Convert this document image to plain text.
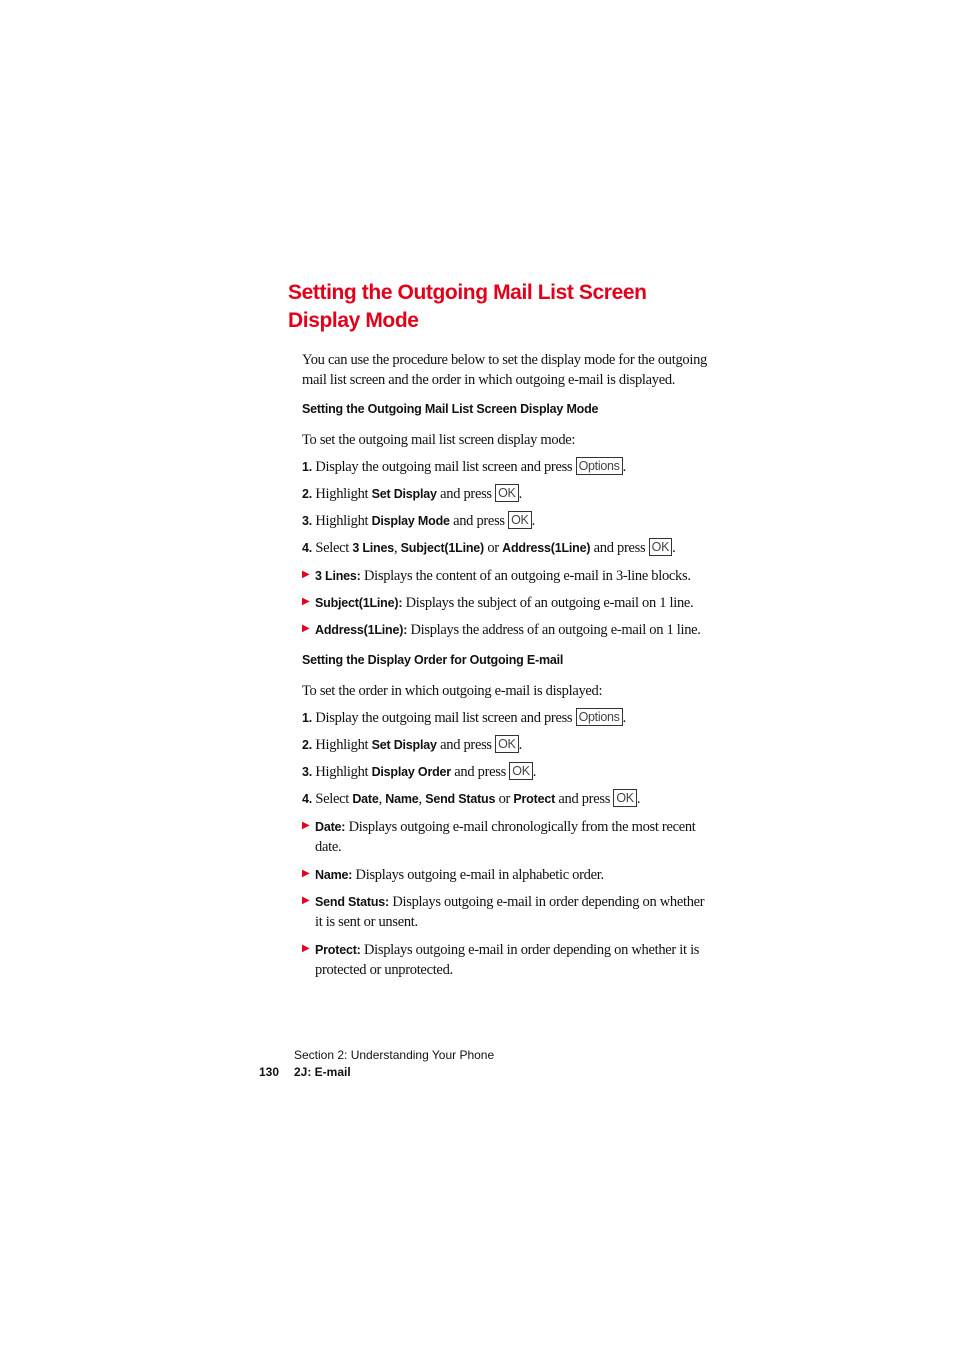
Setting the Outgoing Mail List Screen
Display Mode
You can use the procedure below to set the display mode for the outgoing
mail list screen and the order in which outgoing e-mail is displayed.
Setting the Outgoing Mail List Screen Display Mode
To set the outgoing mail list screen display mode:
1. Display the outgoing mail list screen and press Options .
2. Highlight Set Display and press OK .
3. Highlight Display Mode and press OK .
4. Select 3 Lines, Subject(1Line) or Address(1Line) and press OK .
▶ 3 Lines: Displays the content of an outgoing e-mail in 3-line blocks.
▶ Subject(1Line): Displays the subject of an outgoing e-mail on 1 line.
▶ Address(1Line): Displays the address of an outgoing e-mail on 1 line.
Setting the Display Order for Outgoing E-mail
To set the order in which outgoing e-mail is displayed:
1. Display the outgoing mail list screen and press Options .
2. Highlight Set Display and press OK .
3. Highlight Display Order and press OK .
4. Select Date, Name, Send Status or Protect and press OK .
▶ Date: Displays outgoing e-mail chronologically from the most recent
date.
▶ Name: Displays outgoing e-mail in alphabetic order.
▶ Send Status: Displays outgoing e-mail in order depending on whether
it is sent or unsent.
▶ Protect: Displays outgoing e-mail in order depending on whether it is
protected or unprotected.
Section 2: Understanding Your Phone
130 2J: E-mail
